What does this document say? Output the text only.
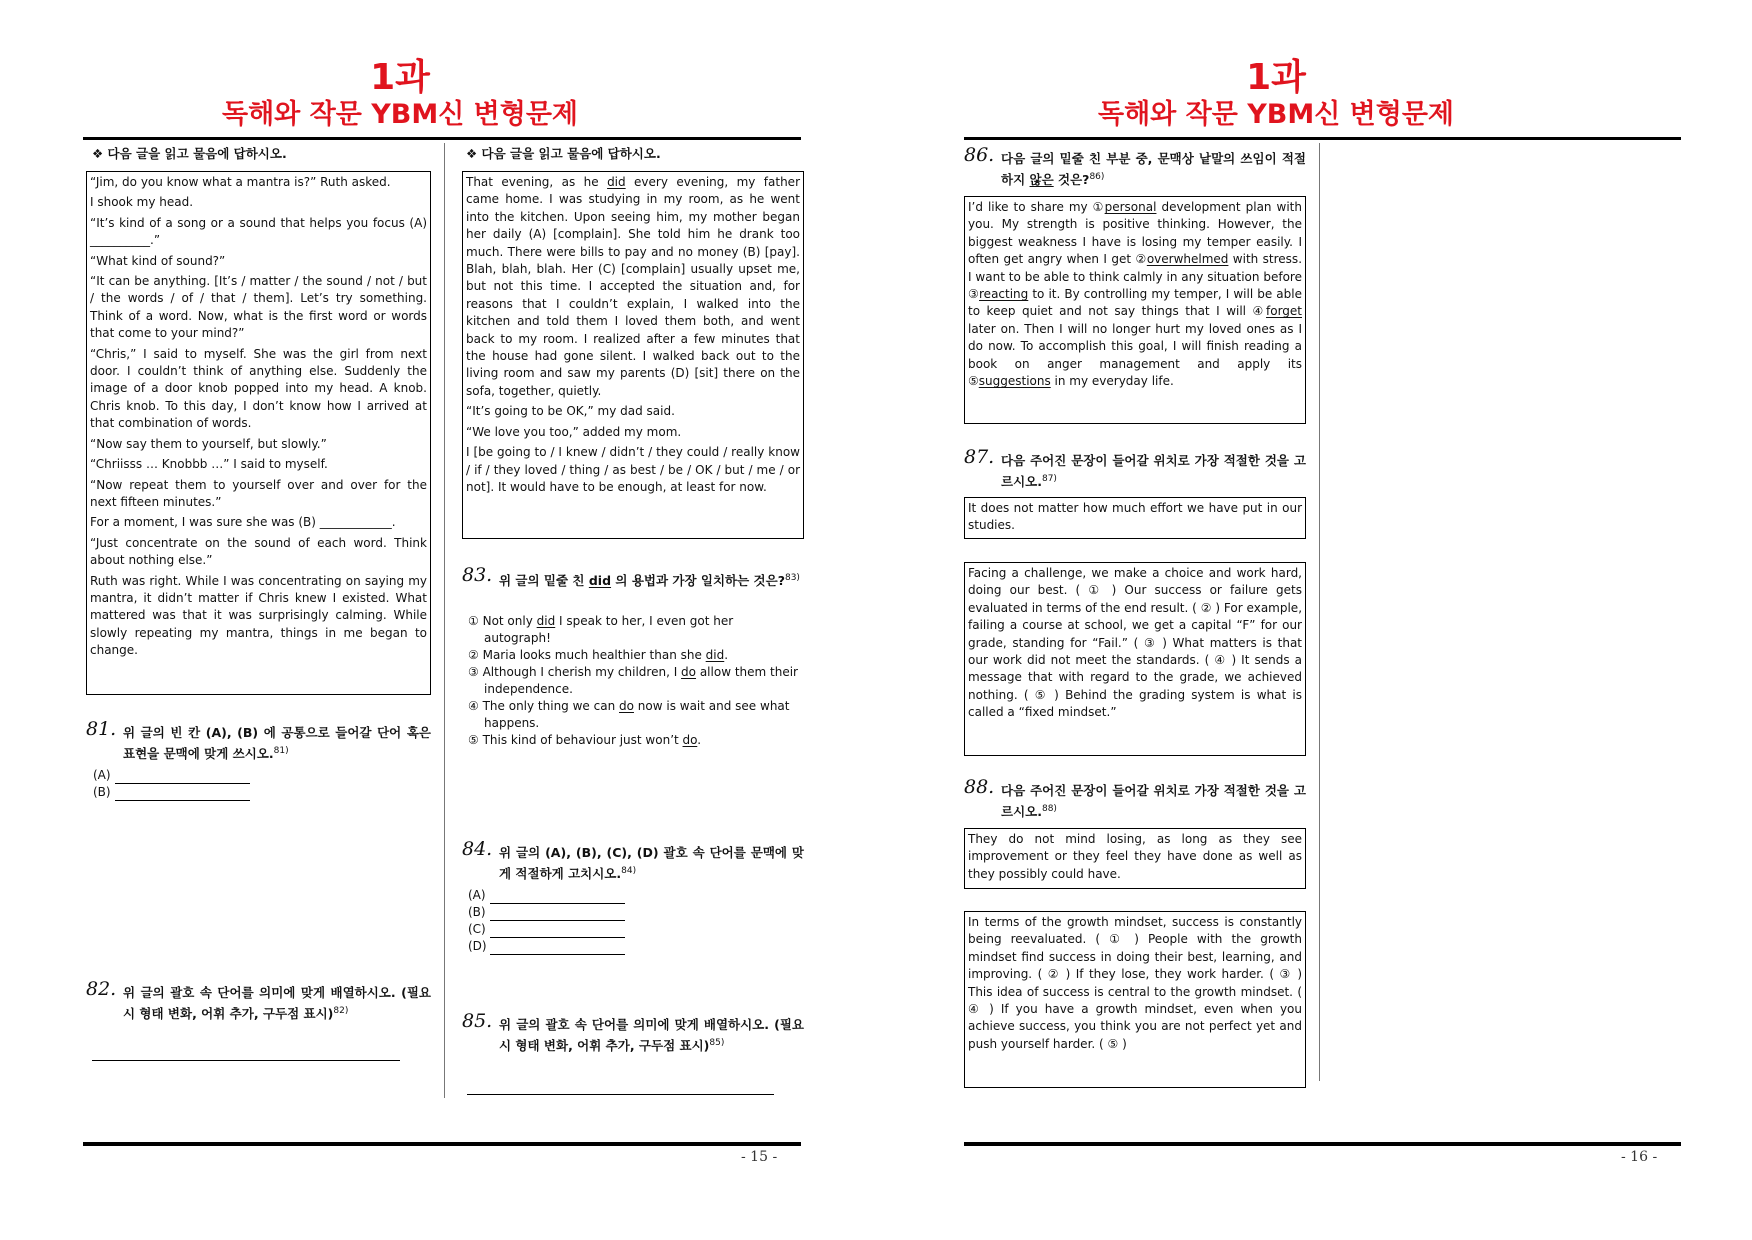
1과
독해와 작문 YBM신 변형문제
❖ 다음 글을 읽고 물음에 답하시오.

“Jim, do you know what a mantra is?” Ruth asked.

I shook my head.

“It’s kind of a song or a sound that helps you focus (A) __________.”

“What kind of sound?”

“It can be anything. [It’s / matter / the sound / not / but / the words / of / that / them]. Let’s try something. Think of a word. Now, what is the first word or words that come to your mind?”

“Chris,” I said to myself. She was the girl from next door. I couldn’t think of anything else. Suddenly the image of a door knob popped into my head. A knob. Chris knob. To this day, I don’t know how I arrived at that combination of words.

“Now say them to yourself, but slowly.”

“Chriisss … Knobbb …” I said to myself.

“Now repeat them to yourself over and over for the next fifteen minutes.”

For a moment, I was sure she was (B) ____________.

“Just concentrate on the sound of each word. Think about nothing else.”

Ruth was right. While I was concentrating on saying my mantra, it didn’t matter if Chris knew I existed. What mattered was that it was surprisingly calming. While slowly repeating my mantra, things in me began to change.

81. 위 글의 빈 칸 (A), (B) 에 공통으로 들어갈 단어 혹은 표현을 문맥에 맞게 쓰시오.$^{81)}$
(A)
(B)
82. 위 글의 괄호 속 단어를 의미에 맞게 배열하시오. (필요시 형태 변화, 어휘 추가, 구두점 표시)$^{82)}$
❖ 다음 글을 읽고 물음에 답하시오.

That evening, as he did every evening, my father came home. I was studying in my room, as he went into the kitchen. Upon seeing him, my mother began her daily (A) [complain]. She told him he drank too much. There were bills to pay and no money (B) [pay]. Blah, blah, blah. Her (C) [complain] usually upset me, but not this time. I accepted the situation and, for reasons that I couldn’t explain, I walked into the kitchen and told them I loved them both, and went back to my room. I realized after a few minutes that the house had gone silent. I walked back out to the living room and saw my parents (D) [sit] there on the sofa, together, quietly.

“It’s going to be OK,” my dad said.

“We love you too,” added my mom.

I [be going to / I knew / didn’t / they could / really know / if / they loved / thing / as best / be / OK / but / me / or not]. It would have to be enough, at least for now.

83. 위 글의 밑줄 친 did 의 용법과 가장 일치하는 것은?$^{83)}$
① Not only did I speak to her, I even got her autograph!
② Maria looks much healthier than she did.
③ Although I cherish my children, I do allow them their independence.
④ The only thing we can do now is wait and see what happens.
⑤ This kind of behaviour just won’t do.
84. 위 글의 (A), (B), (C), (D) 괄호 속 단어를 문맥에 맞게 적절하게 고치시오.$^{84)}$
(A)
(B)
(C)
(D)
85. 위 글의 괄호 속 단어를 의미에 맞게 배열하시오. (필요시 형태 변화, 어휘 추가, 구두점 표시)$^{85)}$
- 15 -
1과
독해와 작문 YBM신 변형문제
86. 다음 글의 밑줄 친 부분 중, 문맥상 낱말의 쓰임이 적절하지 않은 것은?$^{86)}$
I’d like to share my ①personal development plan with you. My strength is positive thinking. However, the biggest weakness I have is losing my temper easily. I often get angry when I get ②overwhelmed with stress. I want to be able to think calmly in any situation before ③reacting to it. By controlling my temper, I will be able to keep quiet and not say things that I will ④forget later on. Then I will no longer hurt my loved ones as I do now. To accomplish this goal, I will finish reading a book on anger management and apply its ⑤suggestions in my everyday life.
87. 다음 주어진 문장이 들어갈 위치로 가장 적절한 것을 고르시오.$^{87)}$
It does not matter how much effort we have put in our studies.
Facing a challenge, we make a choice and work hard, doing our best. ( ① ) Our success or failure gets evaluated in terms of the end result. ( ② ) For example, failing a course at school, we get a capital “F” for our grade, standing for “Fail.” ( ③ ) What matters is that our work did not meet the standards. ( ④ ) It sends a message that with regard to the grade, we achieved nothing. ( ⑤ ) Behind the grading system is what is called a “fixed mindset.”
88. 다음 주어진 문장이 들어갈 위치로 가장 적절한 것을 고르시오.$^{88)}$
They do not mind losing, as long as they see improvement or they feel they have done as well as they possibly could have.
In terms of the growth mindset, success is constantly being reevaluated. ( ① ) People with the growth mindset find success in doing their best, learning, and improving. ( ② ) If they lose, they work harder. ( ③ ) This idea of success is central to the growth mindset. ( ④ ) If you have a growth mindset, even when you achieve success, you think you are not perfect yet and push yourself harder. ( ⑤ )
- 16 -
